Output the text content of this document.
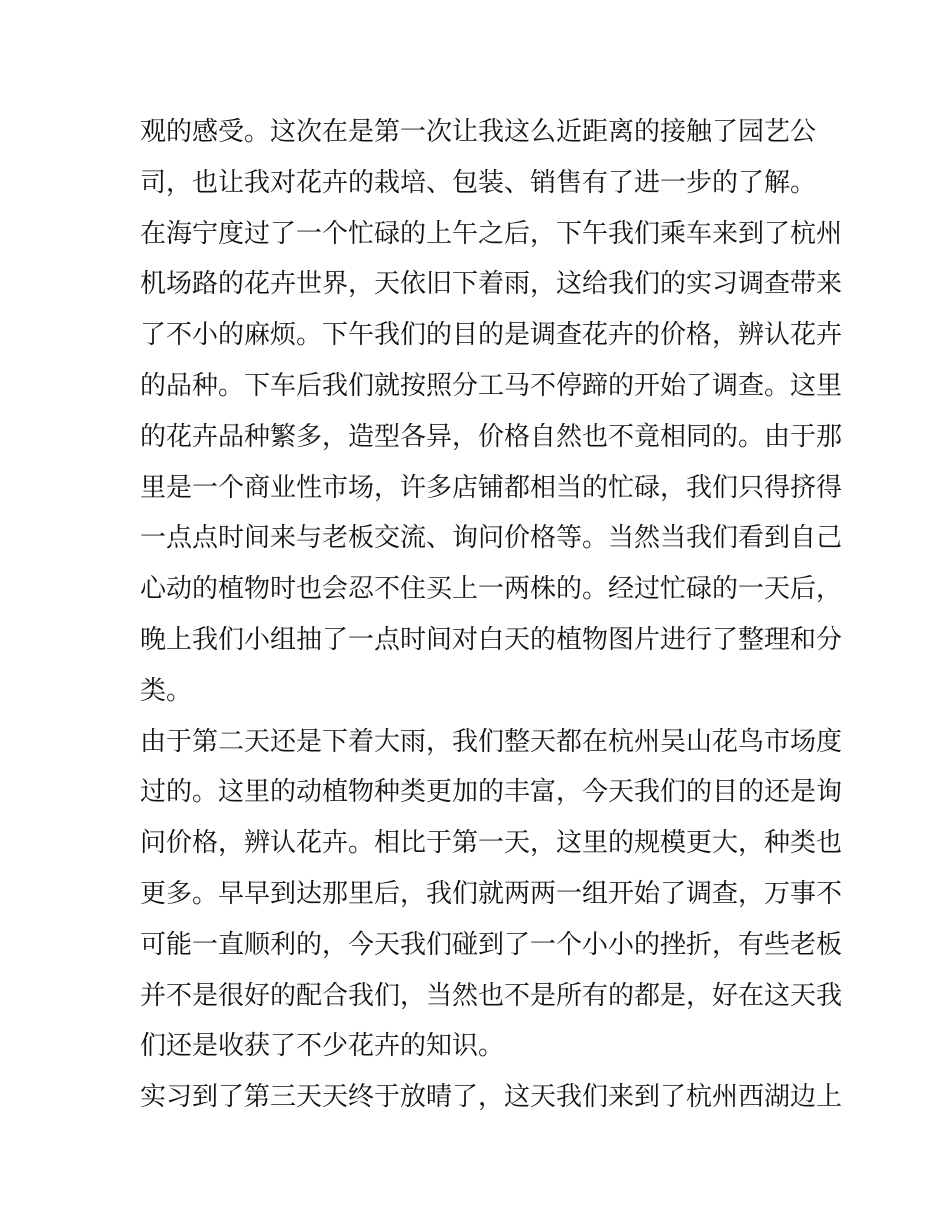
观的感受。这次在是第一次让我这么近距离的接触了园艺公
司，也让我对花卉的栽培、包装、销售有了进一步的了解。
在海宁度过了一个忙碌的上午之后，下午我们乘车来到了杭州
机场路的花卉世界，天依旧下着雨，这给我们的实习调查带来
了不小的麻烦。下午我们的目的是调查花卉的价格，辨认花卉
的品种。下车后我们就按照分工马不停蹄的开始了调查。这里
的花卉品种繁多，造型各异，价格自然也不竟相同的。由于那
里是一个商业性市场，许多店铺都相当的忙碌，我们只得挤得
一点点时间来与老板交流、询问价格等。当然当我们看到自己
心动的植物时也会忍不住买上一两株的。经过忙碌的一天后，
晚上我们小组抽了一点时间对白天的植物图片进行了整理和分
类。
由于第二天还是下着大雨，我们整天都在杭州吴山花鸟市场度
过的。这里的动植物种类更加的丰富，今天我们的目的还是询
问价格，辨认花卉。相比于第一天，这里的规模更大，种类也
更多。早早到达那里后，我们就两两一组开始了调查，万事不
可能一直顺利的，今天我们碰到了一个小小的挫折，有些老板
并不是很好的配合我们，当然也不是所有的都是，好在这天我
们还是收获了不少花卉的知识。
实习到了第三天天终于放晴了，这天我们来到了杭州西湖边上
